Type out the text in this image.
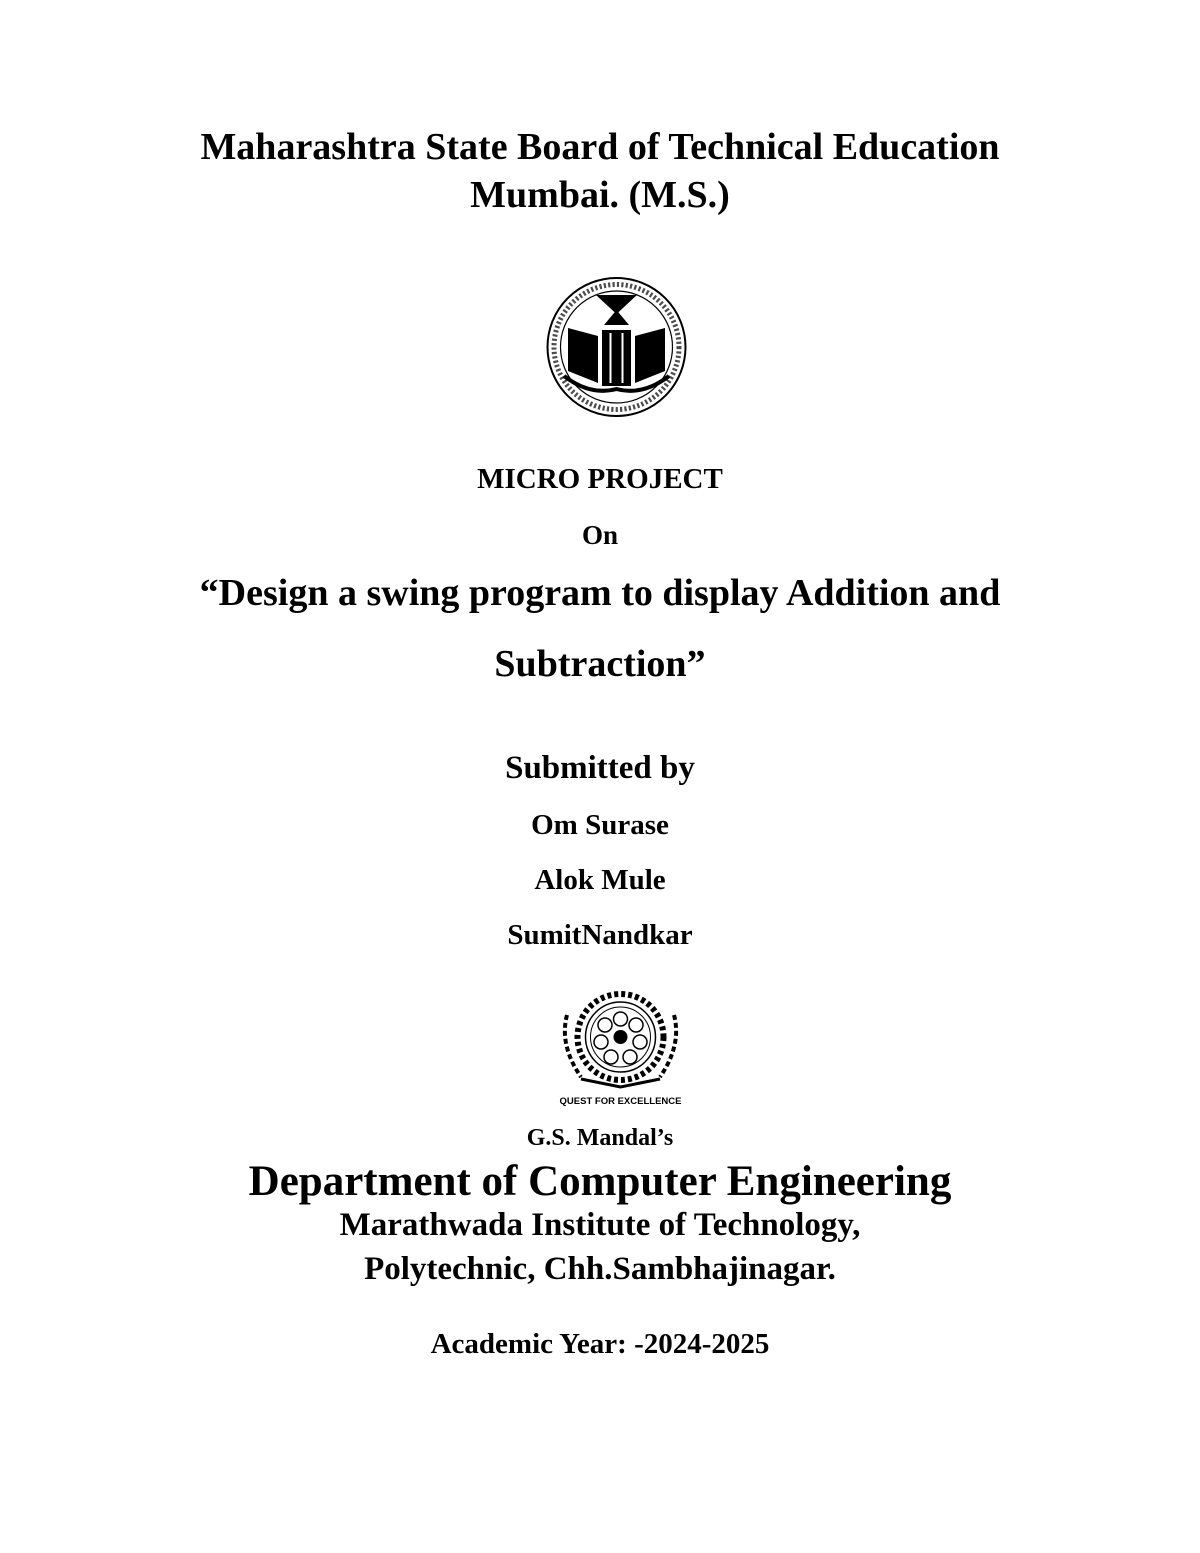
Maharashtra State Board of Technical Education
Mumbai. (M.S.)
MICRO PROJECT
On
“Design a swing program to display Addition and
Subtraction”
Submitted by
Om Surase
Alok Mule
SumitNandkar
QUEST FOR EXCELLENCE
G.S. Mandal’s
Department of Computer Engineering
Marathwada Institute of Technology,
Polytechnic, Chh.Sambhajinagar.
Academic Year: -2024-2025
